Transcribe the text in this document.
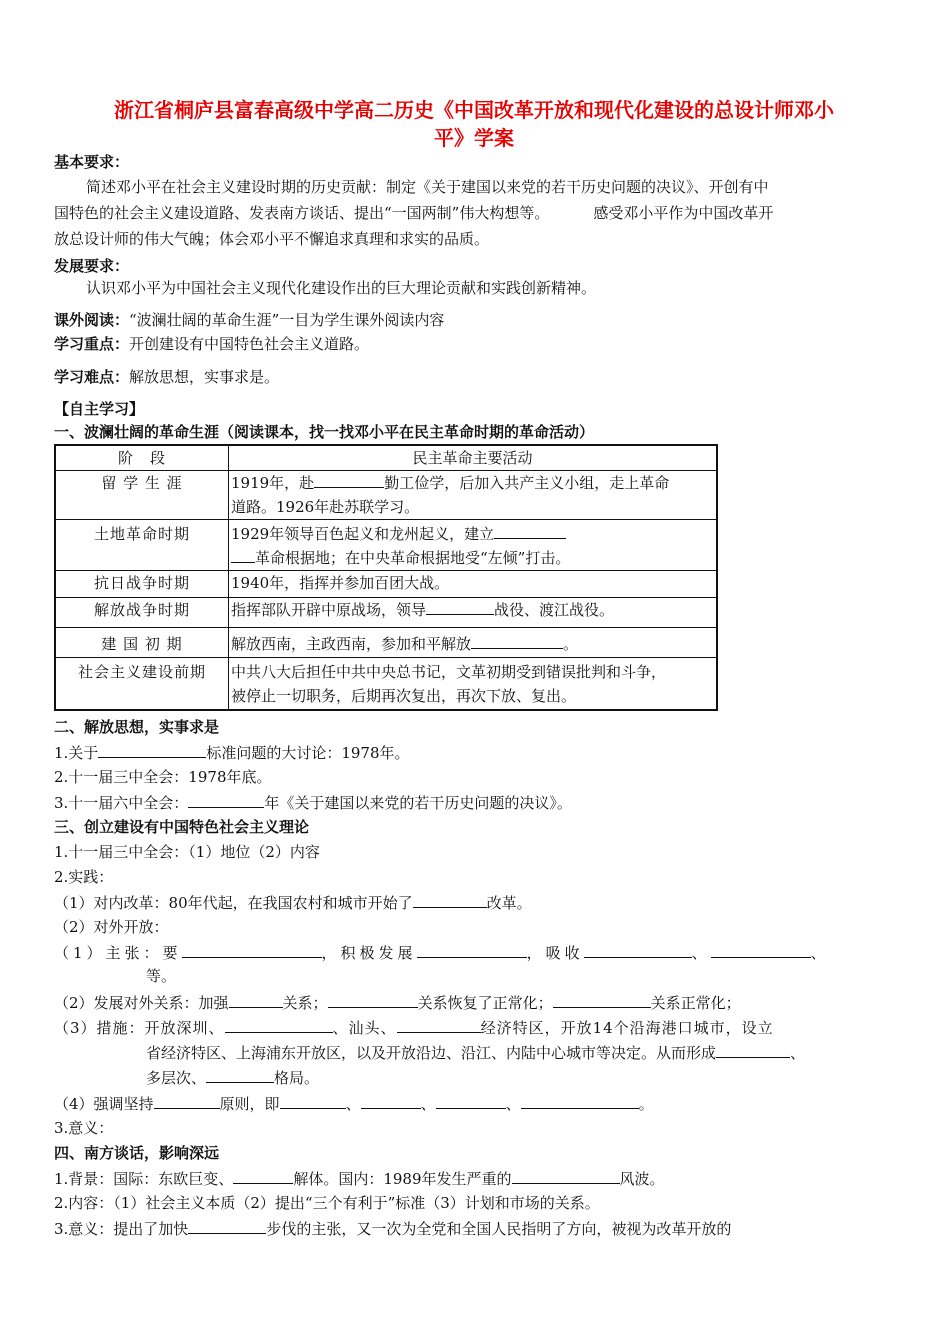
浙江省桐庐县富春高级中学高二历史《中国改革开放和现代化建设的总设计师邓小
平》学案
基本要求：
简述邓小平在社会主义建设时期的历史贡献：制定《关于建国以来党的若干历史问题的决议》、开创有中
国特色的社会主义建设道路、发表南方谈话、提出“一国两制”伟大构想等。	感受邓小平作为中国改革开
放总设计师的伟大气魄；体会邓小平不懈追求真理和求实的品质。
发展要求：
认识邓小平为中国社会主义现代化建设作出的巨大理论贡献和实践创新精神。
课外阅读：“波澜壮阔的革命生涯”一目为学生课外阅读内容
学习重点：开创建设有中国特色社会主义道路。
学习难点：解放思想，实事求是。
【自主学习】
一、波澜壮阔的革命生涯（阅读课本，找一找邓小平在民主革命时期的革命活动）
阶　段	民主革命主要活动
留 学 生 涯	1919年，赴 勤工俭学，后加入共产主义小组，走上革命
道路。1926年赴苏联学习。

土地革命时期	1929年领导百色起义和龙州起义，建立
革命根据地；在中央革命根据地受“左倾”打击。

抗日战争时期	1940年，指挥并参加百团大战。
解放战争时期	指挥部队开辟中原战场，领导 战役、渡江战役。
建 国 初 期	解放西南，主政西南，参加和平解放 。
社会主义建设前期	中共八大后担任中共中央总书记，文革初期受到错误批判和斗争，
被停止一切职务，后期再次复出，再次下放、复出。
二、解放思想，实事求是
1.关于	标准问题的大讨论：1978年。
2.十一届三中全会：1978年底。
3.十一届六中全会：	年《关于建国以来党的若干历史问题的决议》。
三、创立建设有中国特色社会主义理论
1.十一届三中全会：（1）地位（2）内容
2.实践：
（1）对内改革：80年代起，在我国农村和城市开始了	改革。
（2）对外开放：
（1）主张：要	，积极发展	，吸收	、	、
等。
（2）发展对外关系：加强	关系；	关系恢复了正常化；	关系正常化；
（3）措施：开放深圳、	、汕头、	经济特区，开放14个沿海港口城市，设立
省经济特区、上海浦东开放区，以及开放沿边、沿江、内陆中心城市等决定。从而形成	、
多层次、	格局。
（4）强调坚持	原则，即	、	、	、	。
3.意义：
四、南方谈话，影响深远
1.背景：国际：东欧巨变、	解体。国内：1989年发生严重的	风波。
2.内容：（1）社会主义本质（2）提出“三个有利于”标准（3）计划和市场的关系。
3.意义：提出了加快	步伐的主张，又一次为全党和全国人民指明了方向，被视为改革开放的
